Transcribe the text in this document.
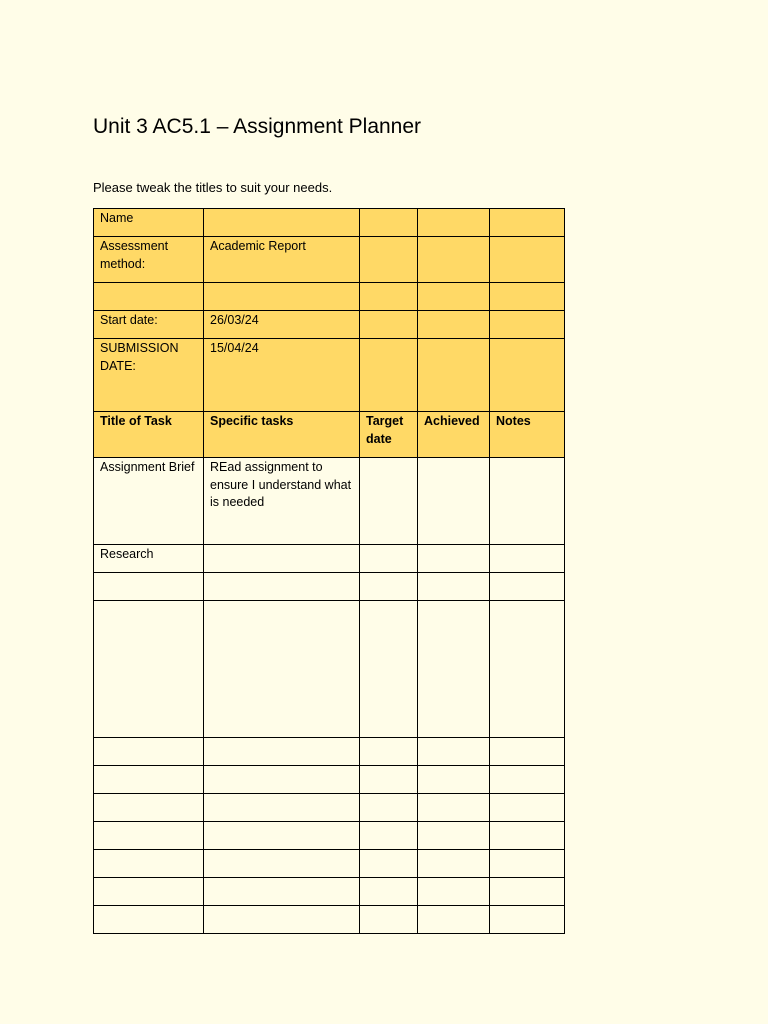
Unit 3 AC5.1 – Assignment Planner

Please tweak the titles to suit your needs.

Name				
Assessment method:	Academic Report			

Start date:	26/03/24			
SUBMISSION DATE:	15/04/24			
Title of Task	Specific tasks	Target date	Achieved	Notes
Assignment Brief	REad assignment to ensure I understand what is needed			
Research				
